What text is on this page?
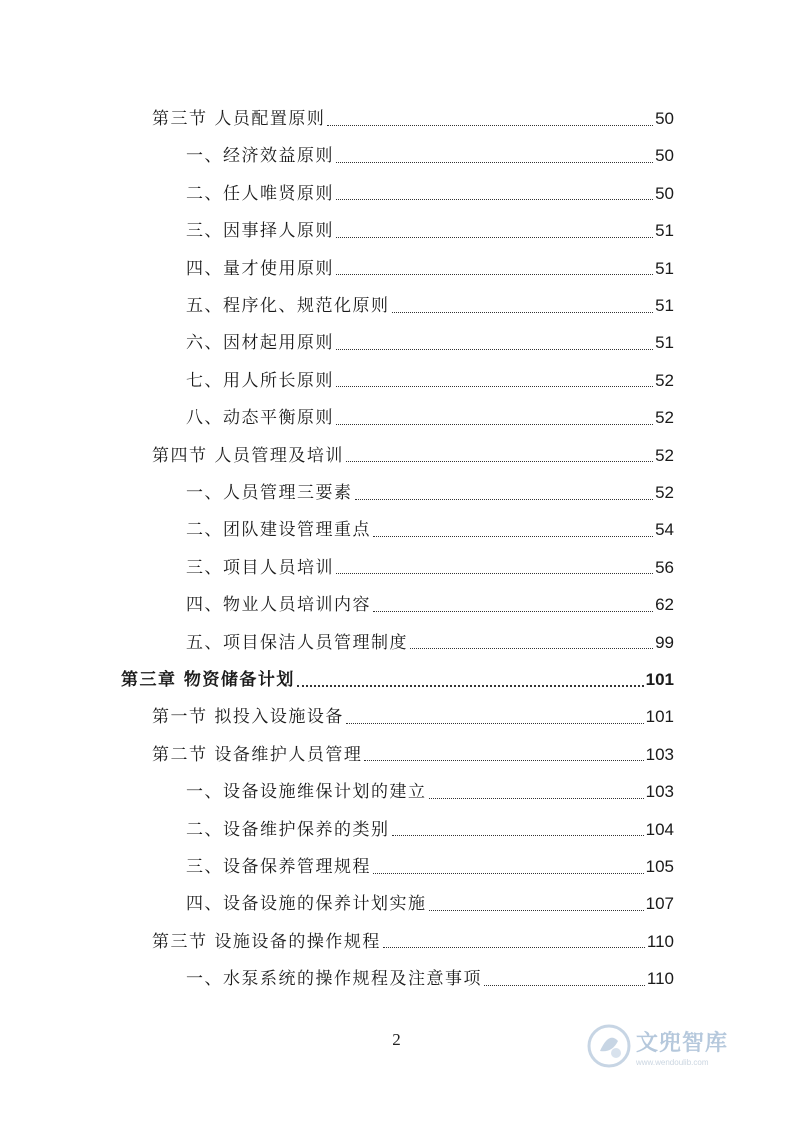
第三节 人员配置原则	50
一、经济效益原则	50
二、任人唯贤原则	50
三、因事择人原则	51
四、量才使用原则	51
五、程序化、规范化原则	51
六、因材起用原则	51
七、用人所长原则	52
八、动态平衡原则	52
第四节 人员管理及培训	52
一、人员管理三要素	52
二、团队建设管理重点	54
三、项目人员培训	56
四、物业人员培训内容	62
五、项目保洁人员管理制度	99
第三章 物资储备计划	101
第一节 拟投入设施设备	101
第二节 设备维护人员管理	103
一、设备设施维保计划的建立	103
二、设备维护保养的类别	104
三、设备保养管理规程	105
四、设备设施的保养计划实施	107
第三节 设施设备的操作规程	110
一、水泵系统的操作规程及注意事项	110
2	文兜智库
www.wendoulib.com
